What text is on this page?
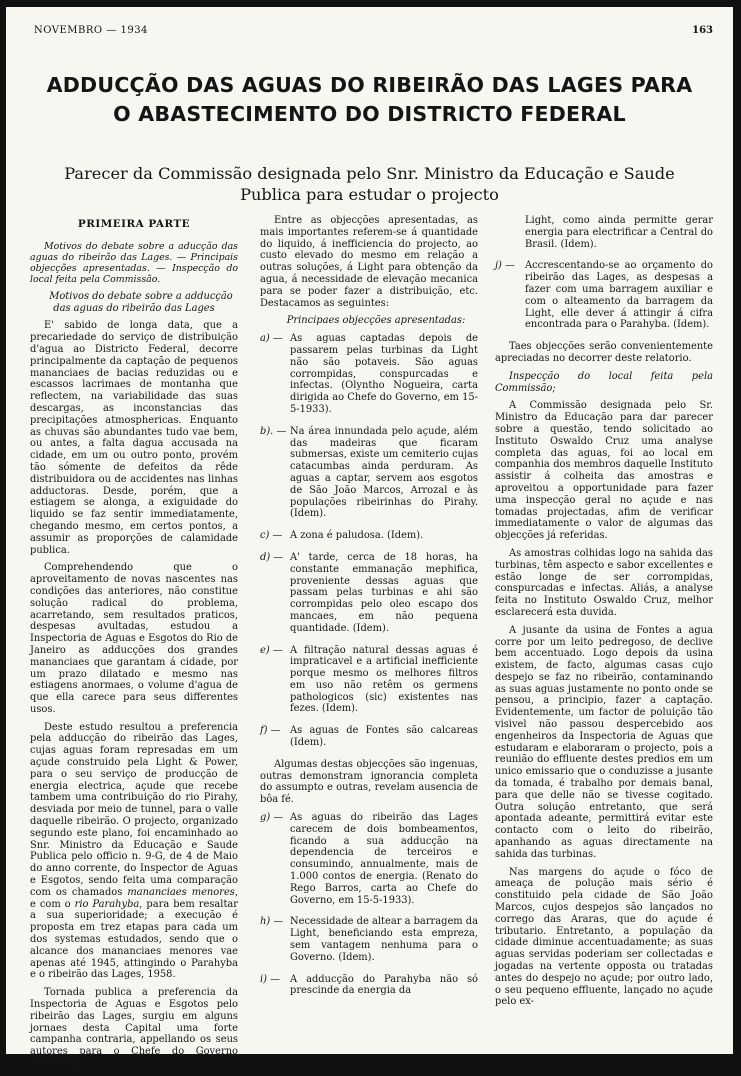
NOVEMBRO — 1934	163
ADDUCÇÃO DAS AGUAS DO RIBEIRÃO DAS LAGES PARA
O ABASTECIMENTO DO DISTRICTO FEDERAL
Parecer da Commissão designada pelo Snr. Ministro da Educação e Saude
Publica para estudar o projecto
PRIMEIRA PARTE

Motivos do debate sobre a aducção das aguas do ribeirão das Lages. — Principais objecções apresentadas. — Inspecção do local feita pela Commissão.

Motivos do debate sobre a adducção das aguas do ribeirão das Lages

E' sabido de longa data, que a precariedade do serviço de distribuição d'agua ao Districto Federal, decorre principalmente da captação de pequenos mananciaes de bacias reduzidas ou e escassos lacrimaes de montanha que reflectem, na variabilidade das suas descargas, as inconstancias das precipitações atmosphericas. Enquanto as chuvas são abundantes tudo vae bem, ou antes, a falta dagua accusada na cidade, em um ou outro ponto, provém tão sómente de defeitos da rêde distribuidora ou de accidentes nas linhas adductoras. Desde, porém, que a estiagem se alonga, a exiguidade do liquido se faz sentir immediatamente, chegando mesmo, em certos pontos, a assumir as proporções de calamidade publica.

Comprehendendo que o aproveitamento de novas nascentes nas condições das anteriores, não constitue solução radical do problema, acarretando, sem resultados praticos, despesas avultadas, estudou a Inspectoria de Aguas e Esgotos do Rio de Janeiro as adducções dos grandes mananciaes que garantam á cidade, por um prazo dilatado e mesmo nas estiagens anormaes, o volume d'agua de que ella carece para seus differentes usos.

Deste estudo resultou a preferencia pela adducção do ribeirão das Lages, cujas aguas foram represadas em um açude construido pela Light & Power, para o seu serviço de producção de energia electrica, açude que recebe tambem uma contribuição do rio Pirahy, desviada por meio de tunnel, para o valle daquelle ribeirão. O projecto, organizado segundo este plano, foi encaminhado ao Snr. Ministro da Educação e Saude Publica pelo officio n. 9-G, de 4 de Maio do anno corrente, do Inspector de Aguas e Esgotos, sendo feita uma comparação com os chamados mananciaes menores, e com o rio Parahyba, para bem resaltar a sua superioridade; a execução é proposta em trez etapas para cada um dos systemas estudados, sendo que o alcance dos mananciaes menores vae apenas até 1945, attingindo o Parahyba e o ribeirão das Lages, 1958.

Tornada publica a preferencia da Inspectoria de Aguas e Esgotos pelo ribeirão das Lages, surgiu em alguns jornaes desta Capital uma forte campanha contraria, appellando os seus autores para o Chefe do Governo Provisorio.

Entre as objecções apresentadas, as mais importantes referem-se á quantidade do liquido, á inefficiencia do projecto, ao custo elevado do mesmo em relação a outras soluções, á Light para obtenção da agua, á necessidade de elevação mecanica para se poder fazer a distribuição, etc. Destacamos as seguintes:

Principaes objecções apresentadas:

a) — As aguas captadas depois de passarem pelas turbinas da Light não são potaveis. São aguas corrompidas, conspurcadas e infectas. (Olyntho Nogueira, carta dirigida ao Chefe do Governo, em 15-5-1933).

b). — Na área innundada pelo açude, além das madeiras que ficaram submersas, existe um cemiterio cujas catacumbas ainda perduram. As aguas a captar, servem aos esgotos de São João Marcos, Arrozal e às populações ribeirinhas do Pirahy. (Idem).

c) — A zona é paludosa. (Idem).

d) — A' tarde, cerca de 18 horas, ha constante emmanação mephifica, proveniente dessas aguas que passam pelas turbinas e ahi são corrompidas pelo oleo escapo dos mancaes, em não pequena quantidade. (Idem).

e) — A filtração natural dessas aguas é impraticavel e a artificial inefficiente porque mesmo os melhores filtros em uso não retêm os germens pathologicos (sic) existentes nas fezes. (Idem).

f) — As aguas de Fontes são calcareas (Idem).

Algumas destas objecções são ingenuas, outras demonstram ignorancia completa do assumpto e outras, revelam ausencia de bôa fé.

g) — As aguas do ribeirão das Lages carecem de dois bombeamentos, ficando a sua adducção na dependencia de terceiros e consumindo, annualmente, mais de 1.000 contos de energia. (Renato do Rego Barros, carta ao Chefe do Governo, em 15-5-1933).

h) — Necessidade de altear a barragem da Light, beneficiando esta empreza, sem vantagem nenhuma para o Governo. (Idem).

i) — A adducção do Parahyba não só prescinde da energia da

Light, como ainda permitte gerar energia para electrificar a Central do Brasil. (Idem).

j) — Accrescentando-se ao orçamento do ribeirão das Lages, as despesas a fazer com uma barragem auxiliar e com o alteamento da barragem da Light, elle dever á attingir á cifra encontrada para o Parahyba. (Idem).

Taes objecções serão convenientemente apreciadas no decorrer deste relatorio.

Inspecção do local feita pela Commissão;

A Commissão designada pelo Sr. Ministro da Educação para dar parecer sobre a questão, tendo solicitado ao Instituto Oswaldo Cruz uma analyse completa das aguas, foi ao local em companhia dos membros daquelle Instituto assistir á colheita das amostras e aproveitou a opportunidade para fazer uma inspecção geral no açude e nas tomadas projectadas, afim de verificar immediatamente o valor de algumas das objecções já referidas.

As amostras colhidas logo na sahida das turbinas, têm aspecto e sabor excellentes e estão longe de ser corrompidas, conspurcadas e infectas. Aliás, a analyse feita no Instituto Oswaldo Cruz, melhor esclarecerá esta duvida.

A jusante da usina de Fontes a agua corre por um leito pedregoso, de declive bem accentuado. Logo depois da usina existem, de facto, algumas casas cujo despejo se faz no ribeirão, contaminando as suas aguas justamente no ponto onde se pensou, a principio, fazer a captação. Evidentemente, um factor de poluição tão visivel não passou despercebido aos engenheiros da Inspectoria de Aguas que estudaram e elaboraram o projecto, pois a reunião do effluente destes predios em um unico emissario que o conduzisse a jusante da tomada, é trabalho por demais banal, para que delle não se tivesse cogitado. Outra solução entretanto, que será apontada adeante, permittirá evitar este contacto com o leito do ribeirão, apanhando as aguas directamente na sahida das turbinas.

Nas margens do açude o fóco de ameaça de polução mais sério é constituido pela cidade de São João Marcos, cujos despejos são lançados no corrego das Araras, que do açude é tributario. Entretanto, a população da cidade diminue accentuadamente; as suas aguas servidas poderiam ser collectadas e jogadas na vertente opposta ou tratadas antes do despejo no açude; por outro lado, o seu pequeno effluente, lançado no açude pelo ex-
